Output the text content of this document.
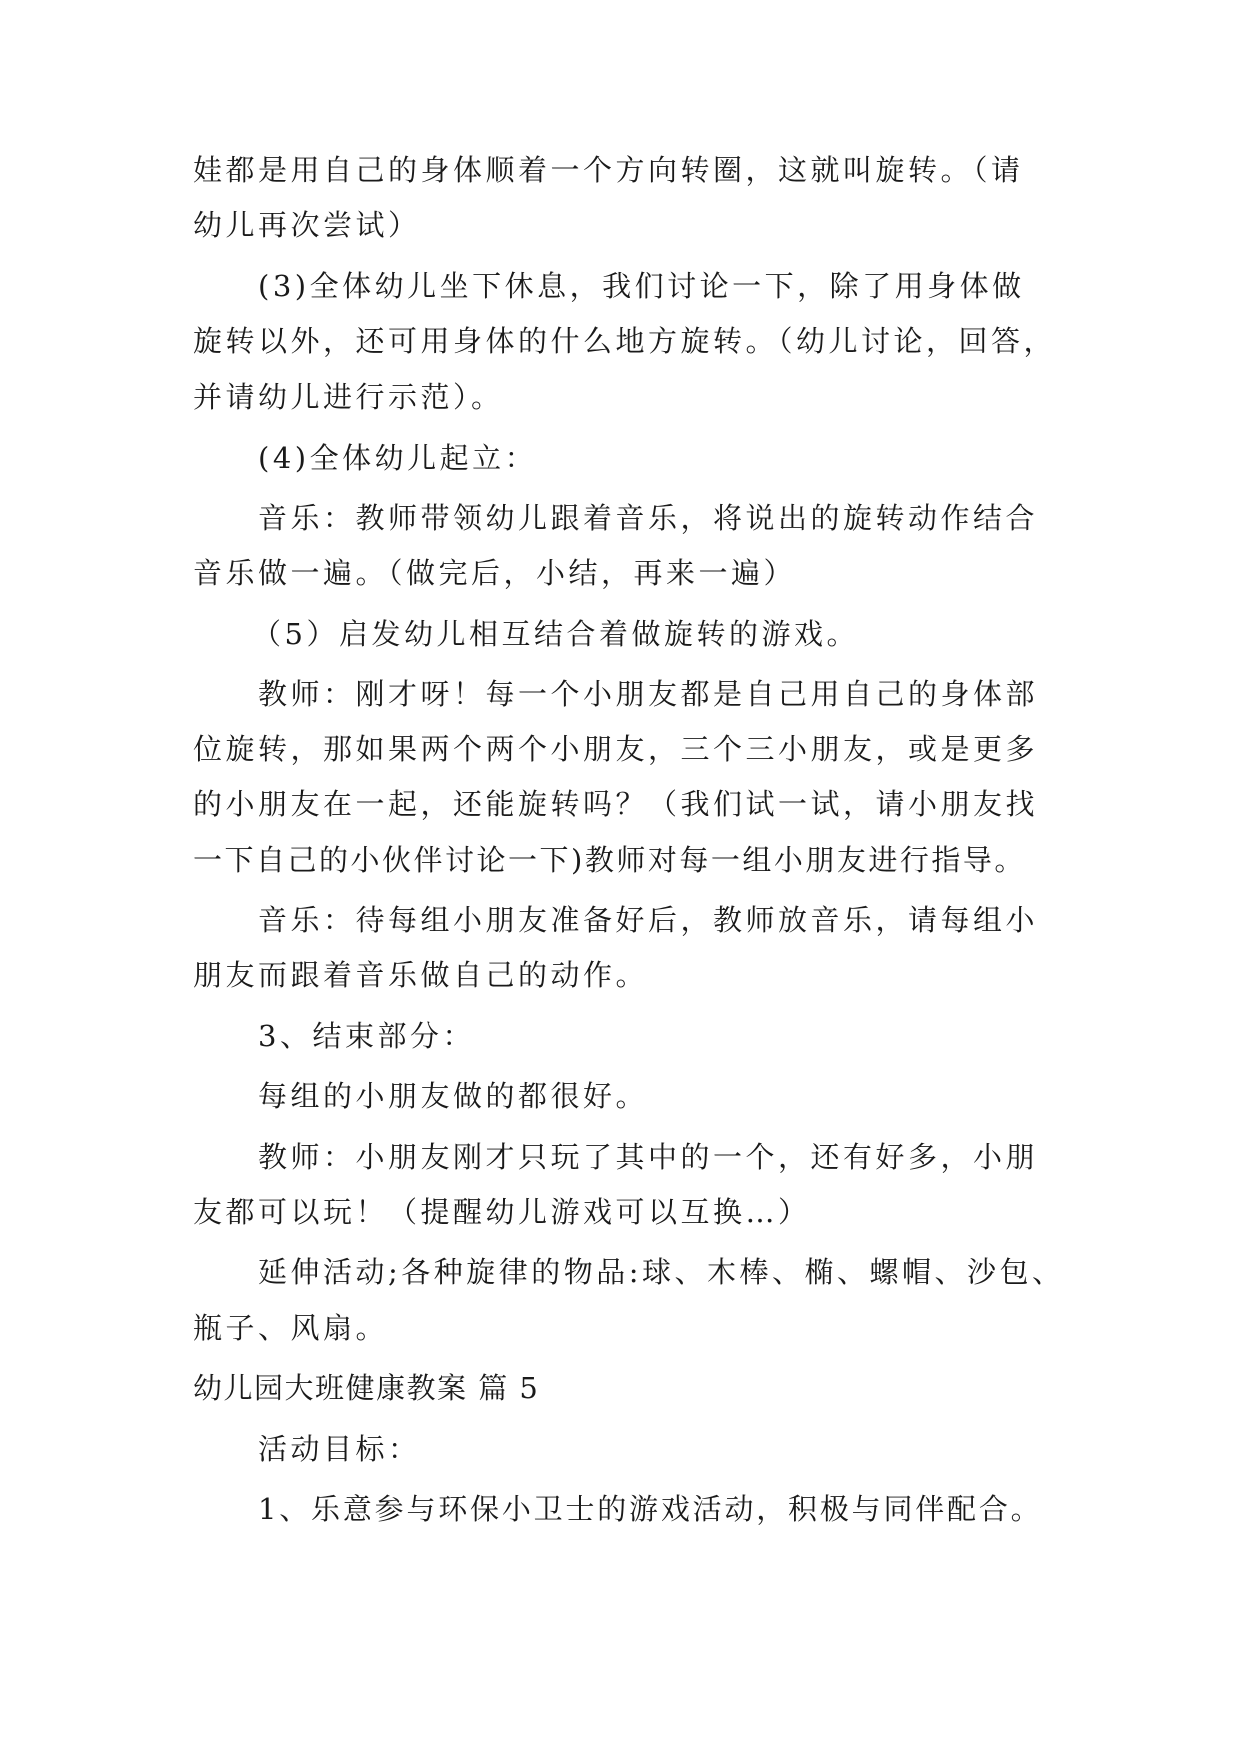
娃都是用自己的身体顺着一个方向转圈，这就叫旋转。（请
幼儿再次尝试）
(3)全体幼儿坐下休息，我们讨论一下，除了用身体做
旋转以外，还可用身体的什么地方旋转。（幼儿讨论，回答，
并请幼儿进行示范）。
(4)全体幼儿起立：
音乐：教师带领幼儿跟着音乐，将说出的旋转动作结合
音乐做一遍。（做完后，小结，再来一遍）
（5）启发幼儿相互结合着做旋转的游戏。
教师：刚才呀！每一个小朋友都是自己用自己的身体部
位旋转，那如果两个两个小朋友，三个三小朋友，或是更多
的小朋友在一起，还能旋转吗？（我们试一试，请小朋友找
一下自己的小伙伴讨论一下)教师对每一组小朋友进行指导。
音乐：待每组小朋友准备好后，教师放音乐，请每组小
朋友而跟着音乐做自己的动作。
3、结束部分：
每组的小朋友做的都很好。
教师：小朋友刚才只玩了其中的一个，还有好多，小朋
友都可以玩！（提醒幼儿游戏可以互换…）
延伸活动;各种旋律的物品:球、木棒、椭、螺帽、沙包、
瓶子、风扇。
幼儿园大班健康教案 篇 5
活动目标：
1、乐意参与环保小卫士的游戏活动，积极与同伴配合。
